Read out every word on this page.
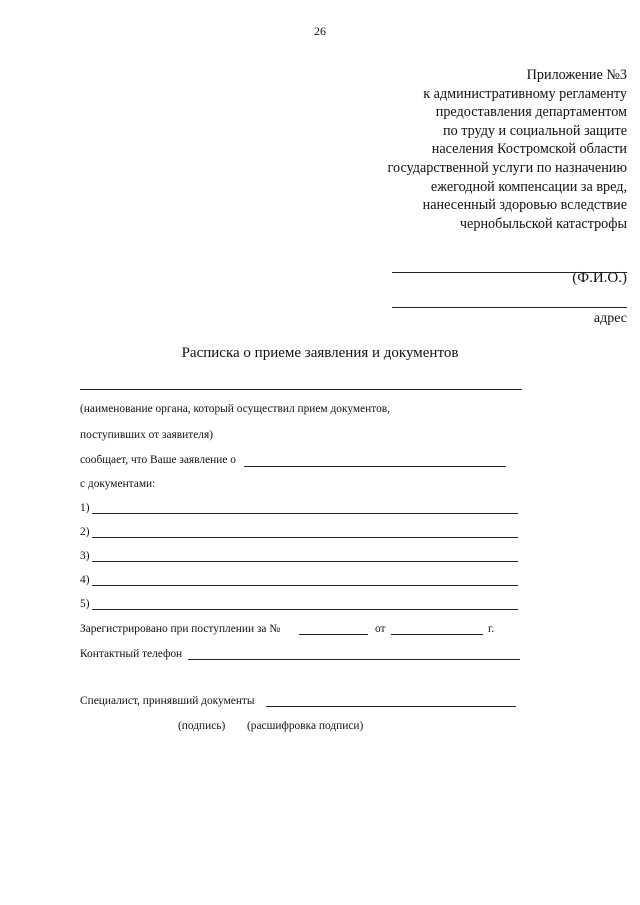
26
Приложение №3
к административному регламенту
предоставления департаментом
по труду и социальной защите
населения Костромской области
государственной услуги по назначению
ежегодной компенсации за вред,
нанесенный здоровью вследствие
чернобыльской катастрофы
(Ф.И.О.)
адрес
Расписка о приеме заявления и документов
(наименование органа, который осуществил прием документов,
поступивших от заявителя)
сообщает, что Ваше заявление о
с документами:
1)
2)
3)
4)
5)
Зарегистрировано при поступлении за №	от	г.
Контактный телефон
Специалист, принявший документы
(подпись) (расшифровка подписи)
